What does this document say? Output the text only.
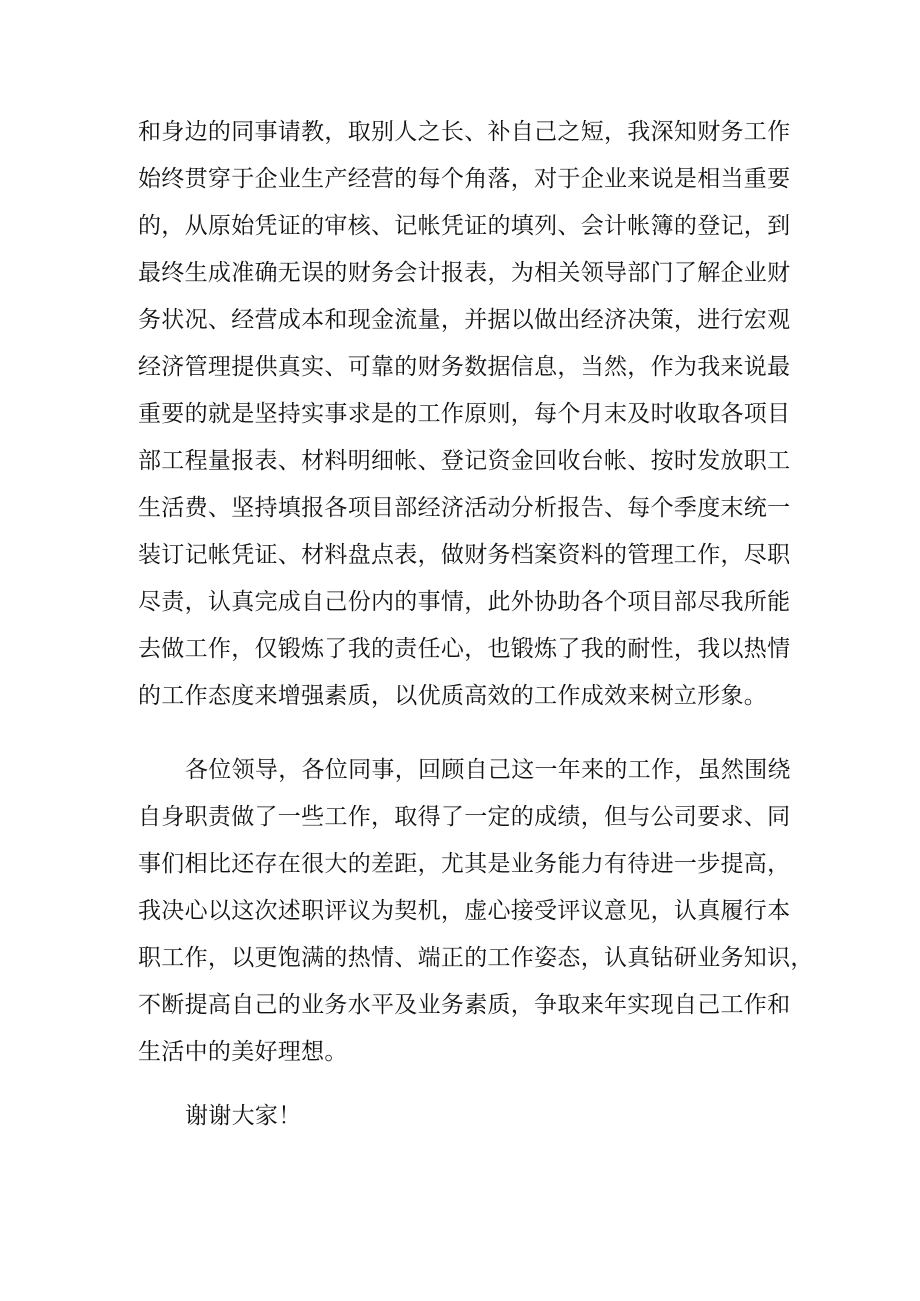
和身边的同事请教，取别人之长、补自己之短，我深知财务工作

始终贯穿于企业生产经营的每个角落，对于企业来说是相当重要

的，从原始凭证的审核、记帐凭证的填列、会计帐簿的登记，到

最终生成准确无误的财务会计报表，为相关领导部门了解企业财

务状况、经营成本和现金流量，并据以做出经济决策，进行宏观

经济管理提供真实、可靠的财务数据信息，当然，作为我来说最

重要的就是坚持实事求是的工作原则，每个月末及时收取各项目

部工程量报表、材料明细帐、登记资金回收台帐、按时发放职工

生活费、坚持填报各项目部经济活动分析报告、每个季度末统一

装订记帐凭证、材料盘点表，做财务档案资料的管理工作，尽职

尽责，认真完成自己份内的事情，此外协助各个项目部尽我所能

去做工作，仅锻炼了我的责任心，也锻炼了我的耐性，我以热情

的工作态度来增强素质，以优质高效的工作成效来树立形象。

各位领导，各位同事，回顾自己这一年来的工作，虽然围绕

自身职责做了一些工作，取得了一定的成绩，但与公司要求、同

事们相比还存在很大的差距，尤其是业务能力有待进一步提高，

我决心以这次述职评议为契机，虚心接受评议意见，认真履行本

职工作，以更饱满的热情、端正的工作姿态，认真钻研业务知识，

不断提高自己的业务水平及业务素质，争取来年实现自己工作和

生活中的美好理想。

谢谢大家！
